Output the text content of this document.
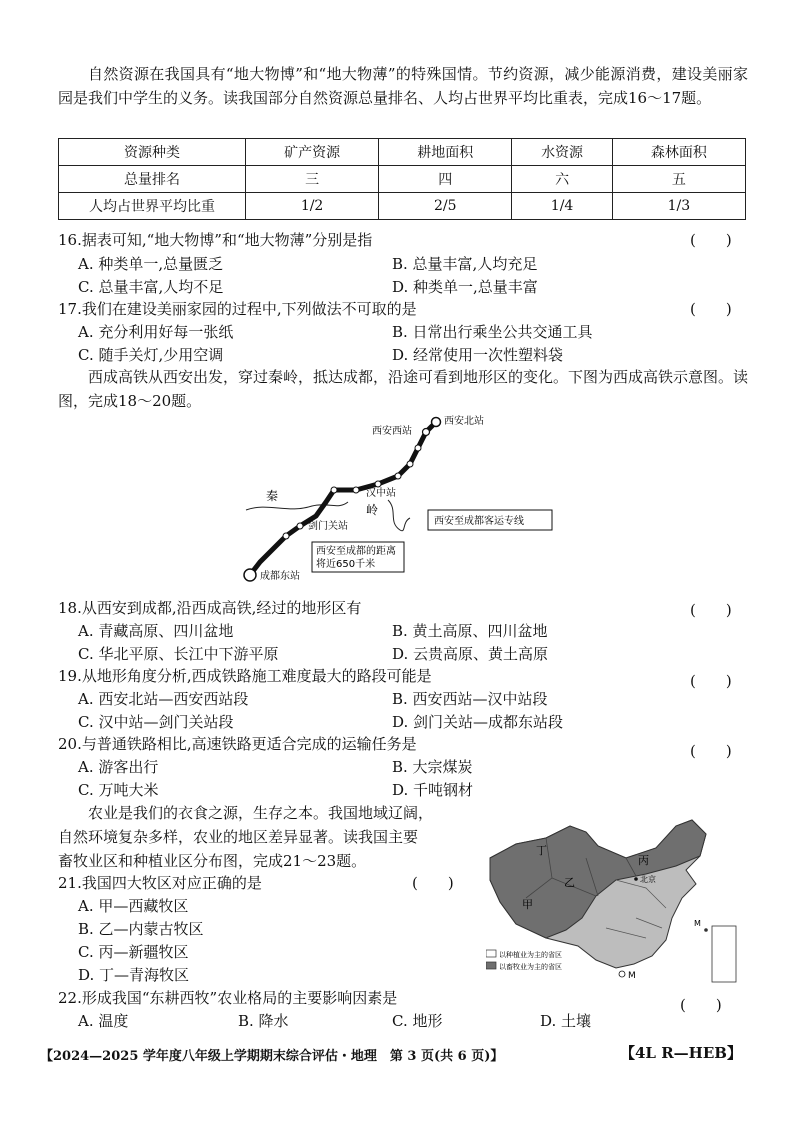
自然资源在我国具有“地大物博”和“地大物薄”的特殊国情。节约资源，减少能源消费，建设美丽家园是我们中学生的义务。读我国部分自然资源总量排名、人均占世界平均比重表，完成16～17题。
资源种类	矿产资源	耕地面积	水资源	森林面积
总量排名	三	四	六	五
人均占世界平均比重	1/2	2/5	1/4	1/3
16.据表可知,“地大物博”和“地大物薄”分别是指	(　　)
A. 种类单一,总量匮乏	B. 总量丰富,人均充足
C. 总量丰富,人均不足	D. 种类单一,总量丰富
17.我们在建设美丽家园的过程中,下列做法不可取的是	(　　)
A. 充分利用好每一张纸	B. 日常出行乘坐公共交通工具
C. 随手关灯,少用空调	D. 经常使用一次性塑料袋
西成高铁从西安出发，穿过秦岭，抵达成都，沿途可看到地形区的变化。下图为西成高铁示意图。读图，完成18～20题。
西安北站
西安西站
汉中站
剑门关站
成都东站
秦
岭
西安至成都的距离
将近650千米
西安至成都客运专线
18.从西安到成都,沿西成高铁,经过的地形区有	(　　)
A. 青藏高原、四川盆地	B. 黄土高原、四川盆地
C. 华北平原、长江中下游平原	D. 云贵高原、黄土高原
19.从地形角度分析,西成铁路施工难度最大的路段可能是	(　　)
A. 西安北站—西安西站段	B. 西安西站—汉中站段
C. 汉中站—剑门关站段	D. 剑门关站—成都东站段
20.与普通铁路相比,高速铁路更适合完成的运输任务是	(　　)
A. 游客出行	B. 大宗煤炭
C. 万吨大米	D. 千吨钢材
农业是我们的衣食之源，生存之本。我国地域辽阔，
自然环境复杂多样，农业的地区差异显著。读我国主要
畜牧业区和种植业区分布图，完成21～23题。
丁
乙
甲
丙
北京
M
M
以种植业为主的省区
以畜牧业为主的省区
21.我国四大牧区对应正确的是	(　　)
A. 甲—西藏牧区
B. 乙—内蒙古牧区
C. 丙—新疆牧区
D. 丁—青海牧区
22.形成我国“东耕西牧”农业格局的主要影响因素是	(　　)
A. 温度	B. 降水	C. 地形	D. 土壤
【2024—2025 学年度八年级上学期期末综合评估・地理　第 3 页(共 6 页)】	【4L R—HEB】
